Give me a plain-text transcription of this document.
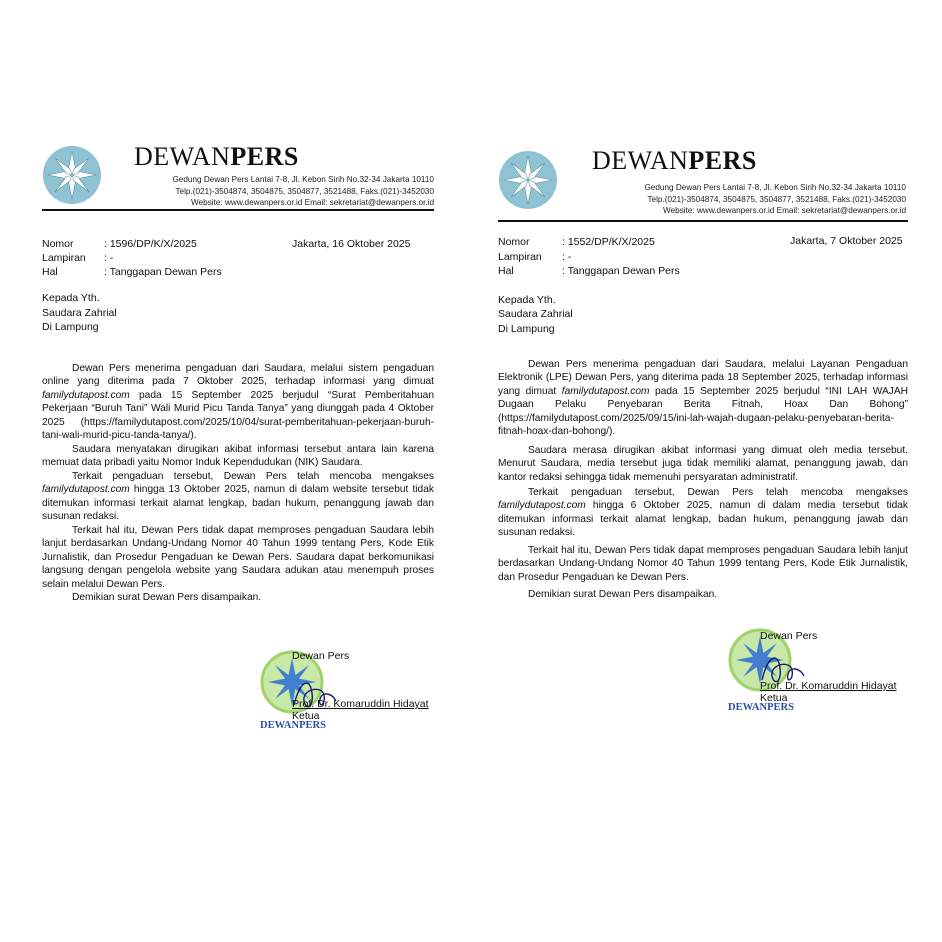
DEWANPERS
Gedung Dewan Pers Lantai 7-8, Jl. Kebon Sirih No.32-34 Jakarta 10110
Telp.(021)-3504874, 3504875, 3504877, 3521488, Faks.(021)-3452030
Website: www.dewanpers.or.id Email: sekretariat@dewanpers.or.id
Nomor	: 1596/DP/K/X/2025	Jakarta, 16 Oktober 2025
Lampiran : -
Hal	: Tanggapan Dewan Pers
Kepada Yth.
Saudara Zahrial
Di Lampung

Dewan Pers menerima pengaduan dari Saudara, melalui sistem pengaduan online yang diterima pada 7 Oktober 2025, terhadap informasi yang dimuat familydutapost.com pada 15 September 2025 berjudul “Surat Pemberitahuan Pekerjaan “Buruh Tani” Wali Murid Picu Tanda Tanya” yang diunggah pada 4 Oktober 2025 (https://familydutapost.com/2025/10/04/surat-pemberitahuan-pekerjaan-buruh-tani-wali-murid-picu-tanda-tanya/).

Saudara menyatakan dirugikan akibat informasi tersebut antara lain karena memuat data pribadi yaitu Nomor Induk Kependudukan (NIK) Saudara.

Terkait pengaduan tersebut, Dewan Pers telah mencoba mengakses familydutapost.com hingga 13 Oktober 2025, namun di dalam website tersebut tidak ditemukan informasi terkait alamat lengkap, badan hukum, penanggung jawab dan susunan redaksi.

Terkait hal itu, Dewan Pers tidak dapat memproses pengaduan Saudara lebih lanjut berdasarkan Undang-Undang Nomor 40 Tahun 1999 tentang Pers, Kode Etik Jurnalistik, dan Prosedur Pengaduan ke Dewan Pers. Saudara dapat berkomunikasi langsung dengan pengelola website yang Saudara adukan atau menempuh proses selain melalui Dewan Pers.

Demikian surat Dewan Pers disampaikan.

DEWANPERS
Dewan Pers
Prof. Dr. Komaruddin Hidayat
Ketua
DEWANPERS
Gedung Dewan Pers Lantai 7-8, Jl. Kebon Sirih No.32-34 Jakarta 10110
Telp.(021)-3504874, 3504875, 3504877, 3521488, Faks.(021)-3452030
Website: www.dewanpers.or.id Email: sekretariat@dewanpers.or.id
Nomor	: 1552/DP/K/X/2025	Jakarta, 7 Oktober 2025
Lampiran : -
Hal	: Tanggapan Dewan Pers
Kepada Yth.
Saudara Zahrial
Di Lampung

Dewan Pers menerima pengaduan dari Saudara, melalui Layanan Pengaduan Elektronik (LPE) Dewan Pers, yang diterima pada 18 September 2025, terhadap informasi yang dimuat familydutapost.com pada 15 September 2025 berjudul “INI LAH WAJAH Dugaan Pelaku Penyebaran Berita Fitnah, Hoax Dan Bohong” (https://familydutapost.com/2025/09/15/ini-lah-wajah-dugaan-pelaku-penyebaran-berita-fitnah-hoax-dan-bohong/).

Saudara merasa dirugikan akibat informasi yang dimuat oleh media tersebut. Menurut Saudara, media tersebut juga tidak memiliki alamat, penanggung jawab, dan kantor redaksi sehingga tidak memenuhi persyaratan administratif.

Terkait pengaduan tersebut, Dewan Pers telah mencoba mengakses familydutapost.com hingga 6 Oktober 2025, namun di dalam media tersebut tidak ditemukan informasi terkait alamat lengkap, badan hukum, penanggung jawab dan susunan redaksi.

Terkait hal itu, Dewan Pers tidak dapat memproses pengaduan Saudara lebih lanjut berdasarkan Undang-Undang Nomor 40 Tahun 1999 tentang Pers, Kode Etik Jurnalistik, dan Prosedur Pengaduan ke Dewan Pers.

Demikian surat Dewan Pers disampaikan.

DEWANPERS
Dewan Pers
Prof. Dr. Komaruddin Hidayat
Ketua
